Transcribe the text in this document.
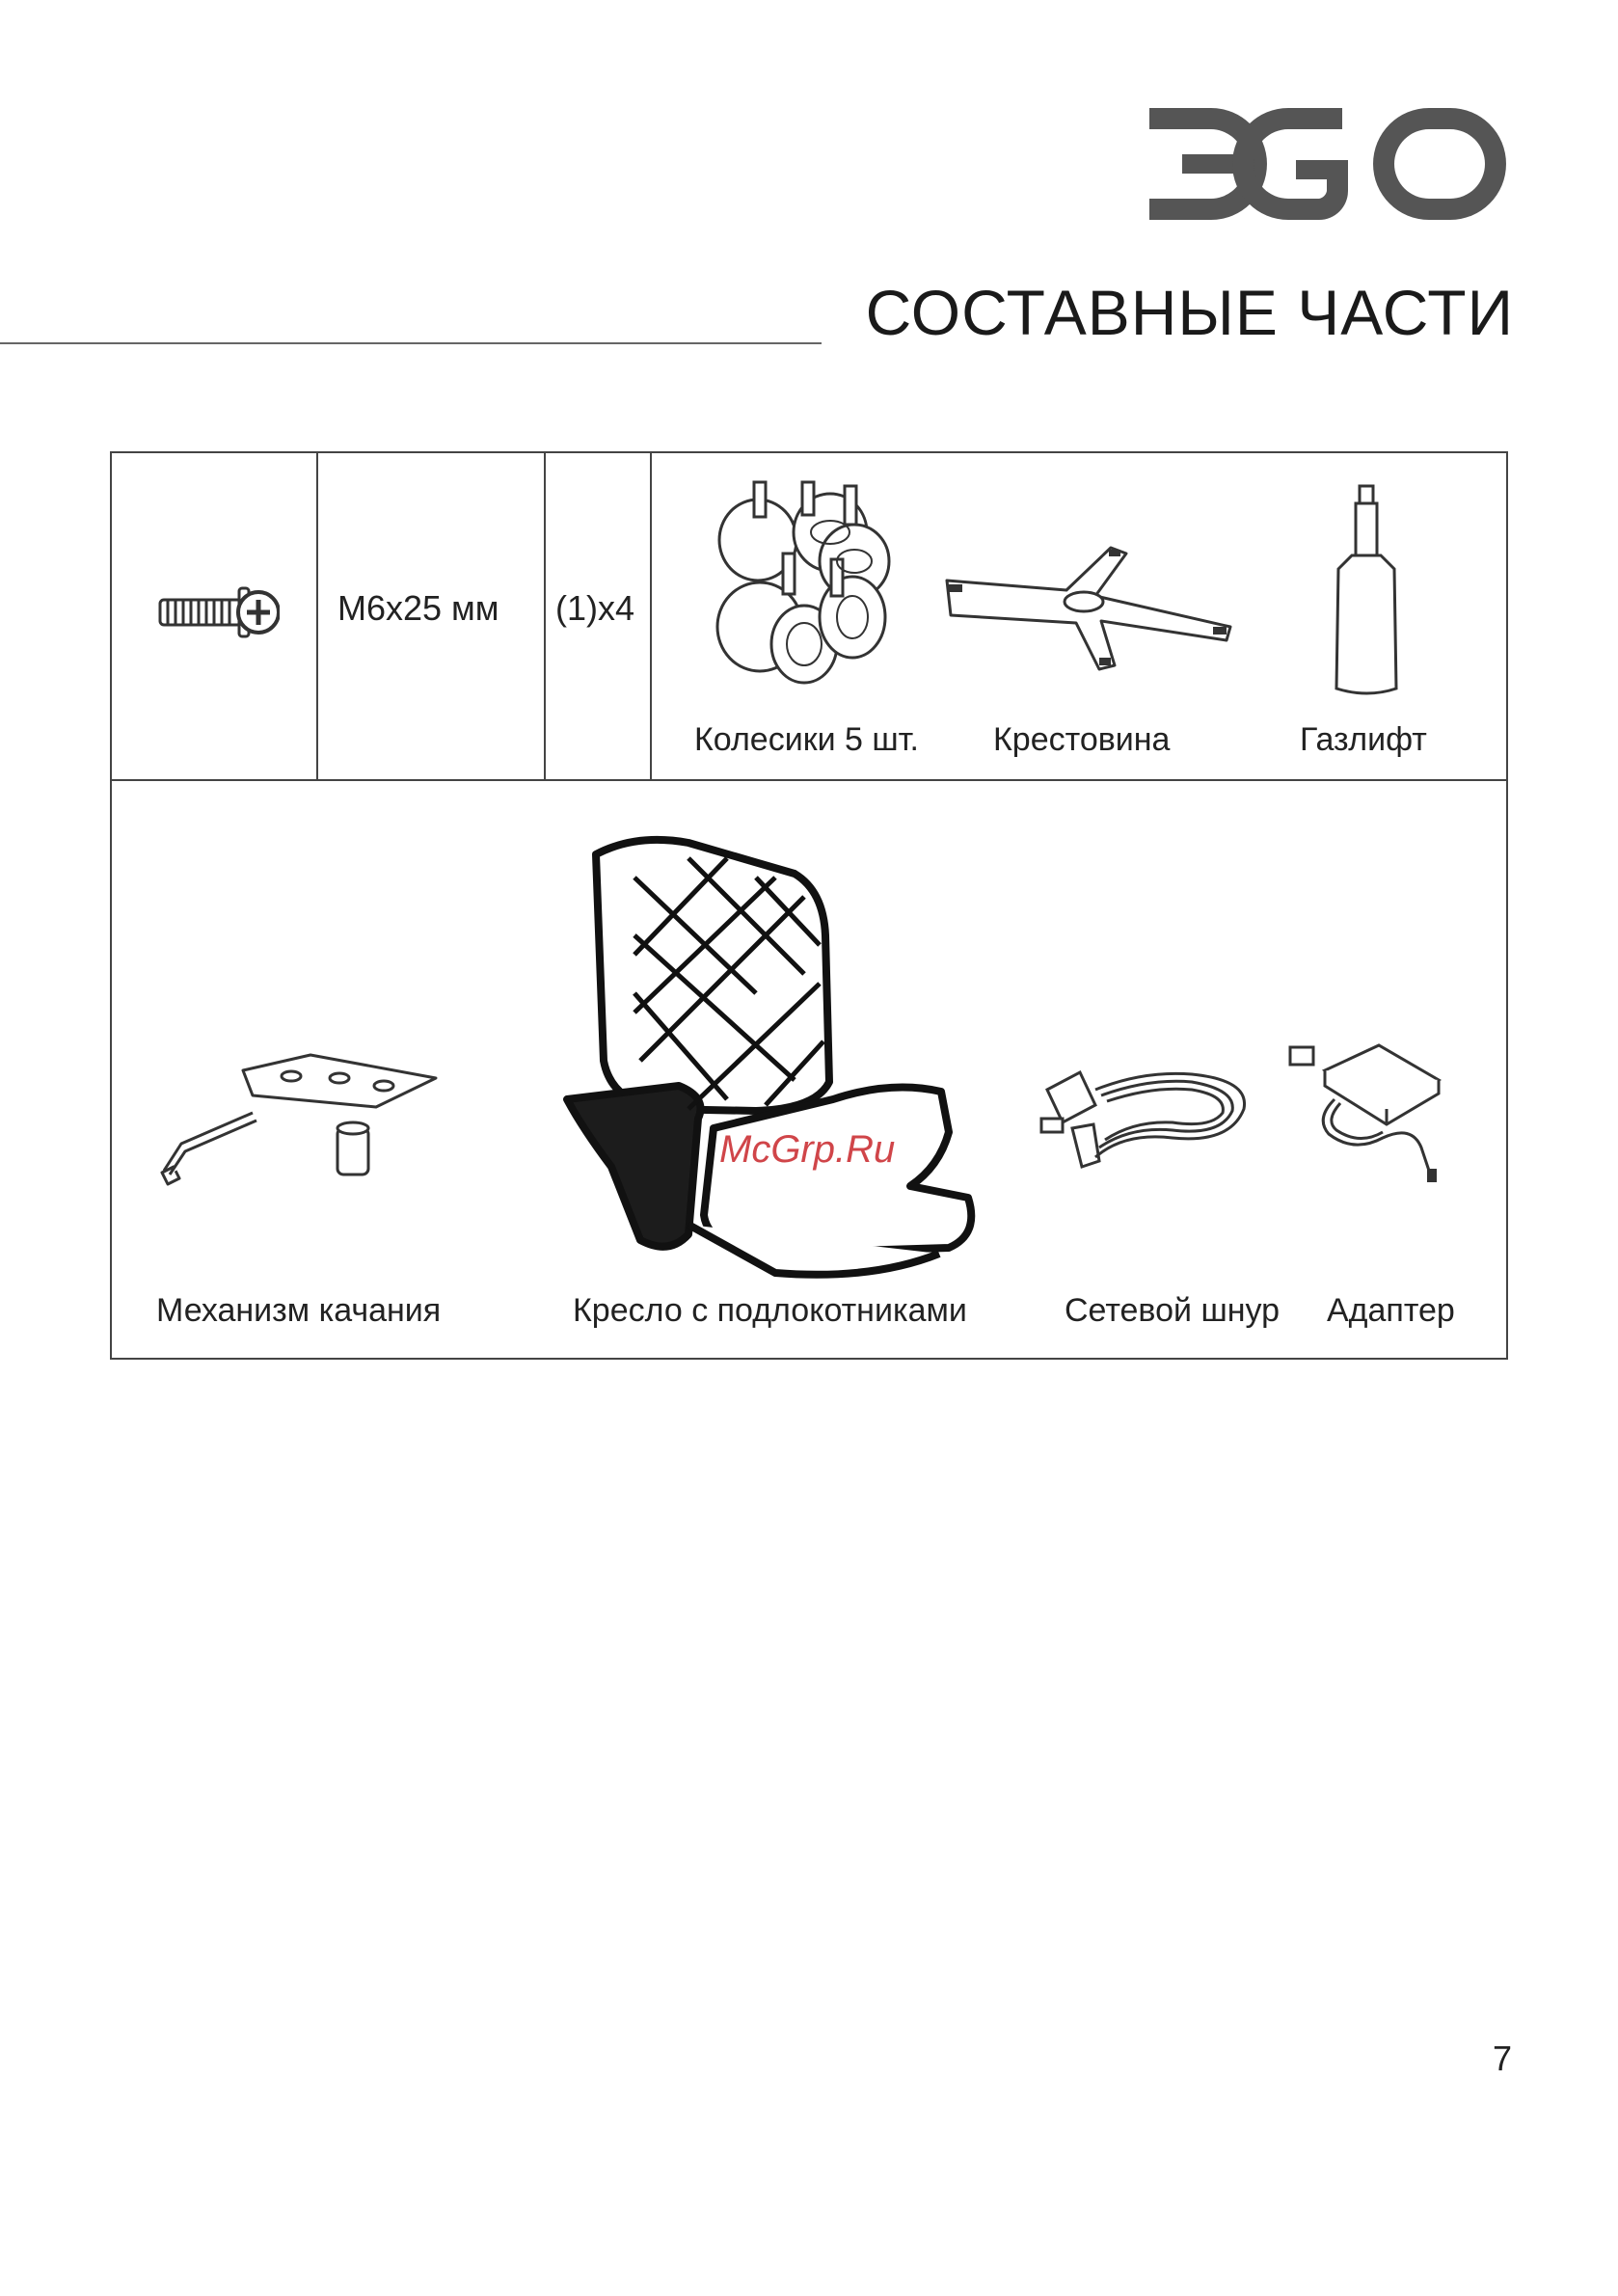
СОСТАВНЫЕ ЧАСТИ
M6x25 мм (1)x4
Колесики 5 шт. Крестовина	Газлифт
Механизм качания
McGrp.Ru
Кресло с подлокотниками	Сетевой шнур Адаптер
7
